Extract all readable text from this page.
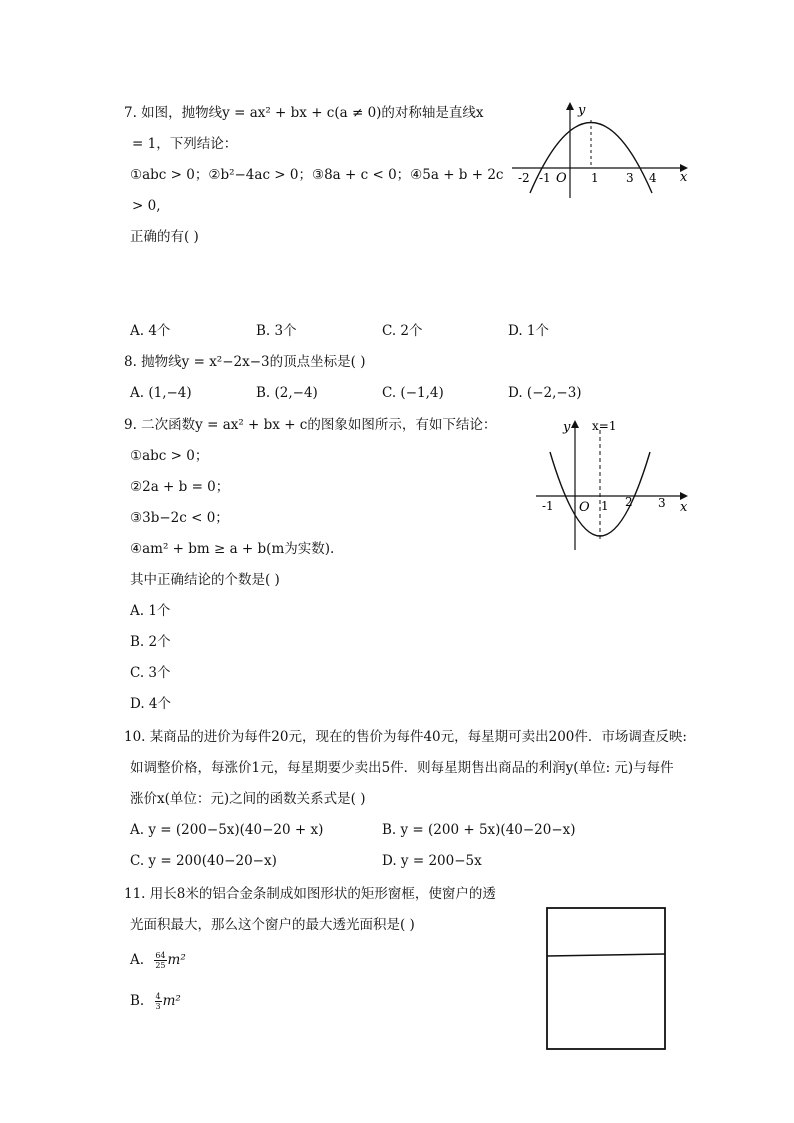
7. 如图，抛物线y = ax² + bx + c(a ≠ 0)的对称轴是直线x
= 1，下列结论：
①abc > 0；②b²−4ac > 0；③8a + c < 0；④5a + b + 2c
> 0,
正确的有( )
y
x
O
-2 -1	1 3 4
A. 4个	B. 3个	C. 2个	D. 1个
8. 抛物线y = x²−2x−3的顶点坐标是( )
A. (1,−4)	B. (2,−4)	C. (−1,4)	D. (−2,−3)
9. 二次函数y = ax² + bx + c的图象如图所示，有如下结论：
①abc > 0；
②2a + b = 0；
③3b−2c < 0；
④am² + bm ≥ a + b(m为实数).
其中正确结论的个数是( )
y x=1
x
O
-1	1 2 3
A. 1个
B. 2个
C. 3个
D. 4个
10. 某商品的进价为每件20元，现在的售价为每件40元，每星期可卖出200件．市场调查反映:
如调整价格，每涨价1元，每星期要少卖出5件．则每星期售出商品的利润y(单位: 元)与每件
涨价x(单位：元)之间的函数关系式是( )
A. y = (200−5x)(40−20 + x)	B. y = (200 + 5x)(40−20−x)
C. y = 200(40−20−x)	D. y = 200−5x
11. 用长8米的铝合金条制成如图形状的矩形窗框，使窗户的透
光面积最大，那么这个窗户的最大透光面积是( )
A. $\frac{64}{25} m^2$
B. $\frac{4}{3} m^2$
